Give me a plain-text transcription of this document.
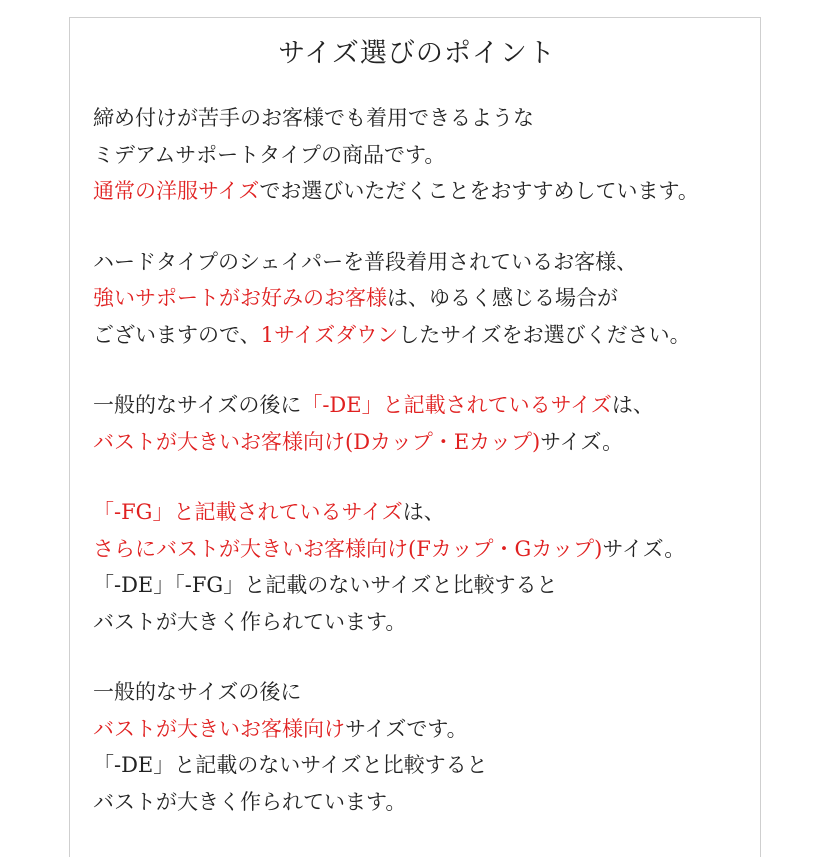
サイズ選びのポイント
締め付けが苦手のお客様でも着用できるような
ミデアムサポートタイプの商品です。
通常の洋服サイズでお選びいただくことをおすすめしています。
ハードタイプのシェイパーを普段着用されているお客様、
強いサポートがお好みのお客様は、ゆるく感じる場合が
ございますので、1サイズダウンしたサイズをお選びください。
一般的なサイズの後に「-DE」と記載されているサイズは、
バストが大きいお客様向け(Dカップ・Eカップ)サイズ。
「-FG」と記載されているサイズは、
さらにバストが大きいお客様向け(Fカップ・Gカップ)サイズ。
「-DE」「-FG」と記載のないサイズと比較すると
バストが大きく作られています。
一般的なサイズの後に
バストが大きいお客様向けサイズです。
「-DE」と記載のないサイズと比較すると
バストが大きく作られています。
